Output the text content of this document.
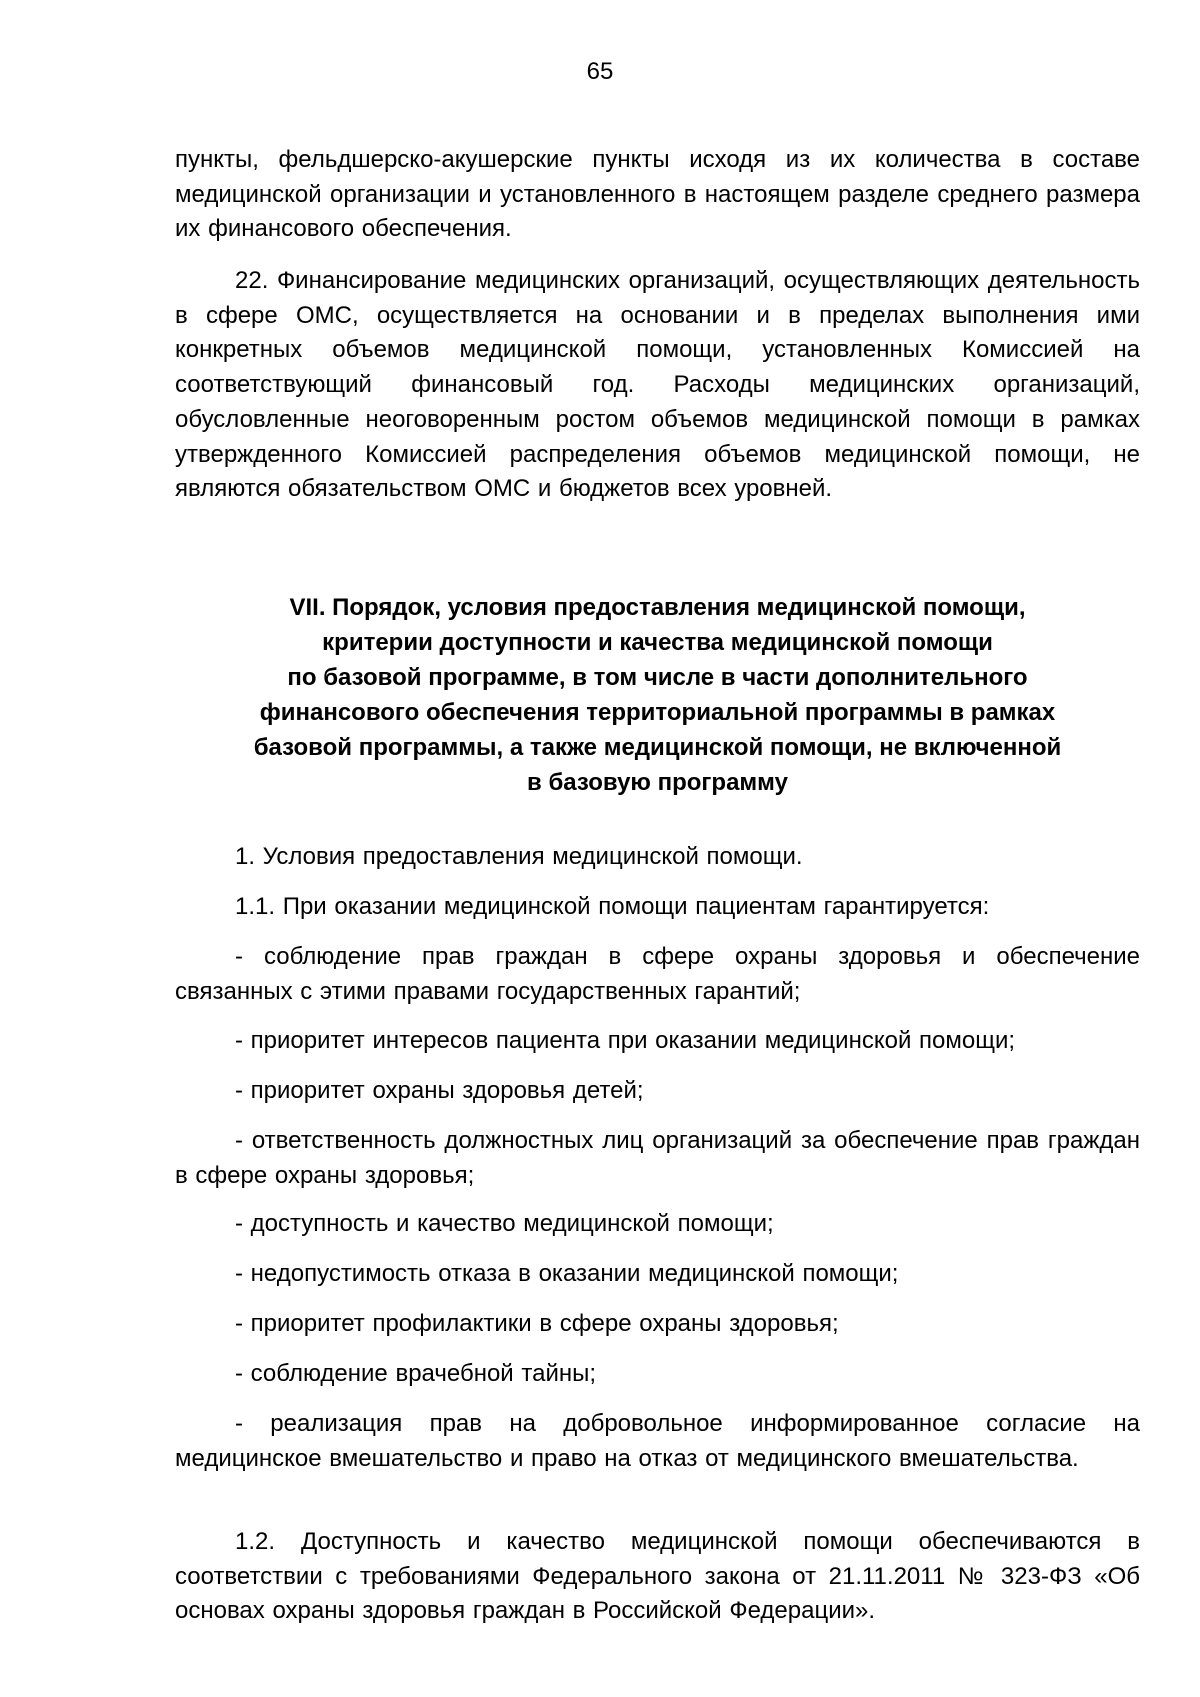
65

пункты, фельдшерско-акушерские пункты исходя из их количества в составе медицинской организации и установленного в настоящем разделе среднего размера их финансового обеспечения.

22. Финансирование медицинских организаций, осуществляющих деятельность в сфере ОМС, осуществляется на основании и в пределах выполнения ими конкретных объемов медицинской помощи, установленных Комиссией на соответствующий финансовый год. Расходы медицинских организаций, обусловленные неоговоренным ростом объемов медицинской помощи в рамках утвержденного Комиссией распределения объемов медицинской помощи, не являются обязательством ОМС и бюджетов всех уровней.

VII. Порядок, условия предоставления медицинской помощи,
критерии доступности и качества медицинской помощи
по базовой программе, в том числе в части дополнительного
финансового обеспечения территориальной программы в рамках
базовой программы, а также медицинской помощи, не включенной
в базовую программу

1. Условия предоставления медицинской помощи.

1.1. При оказании медицинской помощи пациентам гарантируется:

- соблюдение прав граждан в сфере охраны здоровья и обеспечение связанных с этими правами государственных гарантий;

- приоритет интересов пациента при оказании медицинской помощи;

- приоритет охраны здоровья детей;

- ответственность должностных лиц организаций за обеспечение прав граждан в сфере охраны здоровья;

- доступность и качество медицинской помощи;

- недопустимость отказа в оказании медицинской помощи;

- приоритет профилактики в сфере охраны здоровья;

- соблюдение врачебной тайны;

- реализация прав на добровольное информированное согласие на медицинское вмешательство и право на отказ от медицинского вмешательства.

1.2. Доступность и качество медицинской помощи обеспечиваются в соответствии с требованиями Федерального закона от 21.11.2011 № 323-ФЗ «Об основах охраны здоровья граждан в Российской Федерации».
